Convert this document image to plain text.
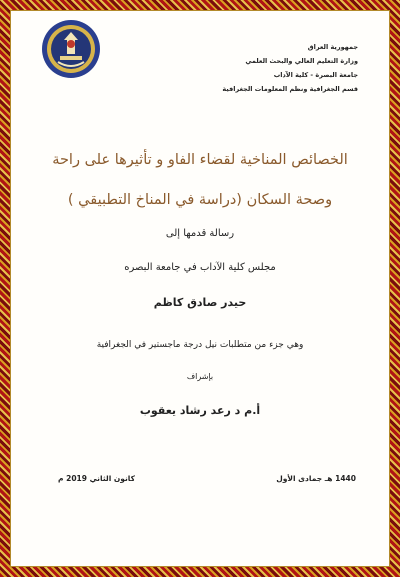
جمهورية العراق
وزارة التعليم العالي والبحث العلمي
جامعة البصرة - كلية الآداب
قسم الجغرافية ونظم المعلومات الجغرافية
الخصائص المناخية لقضاء الفاو و تأثيرها على راحة
وصحة السكان (دراسة في المناخ التطبيقي )
رسالة قدمها إلى
مجلس كلية الآداب في جامعة البصره
حيدر صادق كاظم
وهي جزء من متطلبات نيل درجة ماجستير في الجغرافية
بإشراف
أ.م د رعد رشاد يعقوب
1440 هـ جمادى الأول
كانون الثاني 2019 م
